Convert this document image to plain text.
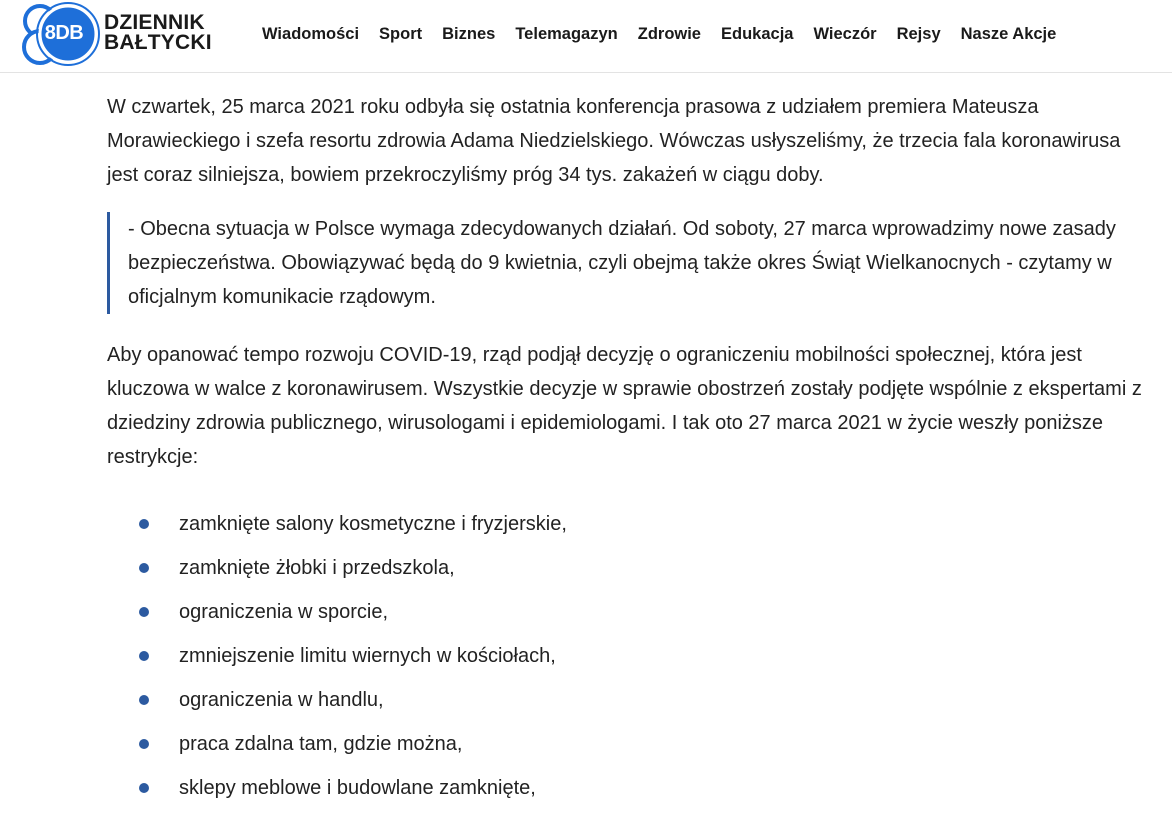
8DB DZIENNIK
BAŁTYCKI	Wiadomości	Sport	Biznes	Telemagazyn	Zdrowie	Edukacja	Wieczór	Rejsy	Nasze Akcje

W czwartek, 25 marca 2021 roku odbyła się ostatnia konferencja prasowa z udziałem premiera Mateusza Morawieckiego i szefa resortu zdrowia Adama Niedzielskiego. Wówczas usłyszeliśmy, że trzecia fala koronawirusa jest coraz silniejsza, bowiem przekroczyliśmy próg 34 tys. zakażeń w ciągu doby.

- Obecna sytuacja w Polsce wymaga zdecydowanych działań. Od soboty, 27 marca wprowadzimy nowe zasady bezpieczeństwa. Obowiązywać będą do 9 kwietnia, czyli obejmą także okres Świąt Wielkanocnych - czytamy w oficjalnym komunikacie rządowym.

Aby opanować tempo rozwoju COVID-19, rząd podjął decyzję o ograniczeniu mobilności społecznej, która jest kluczowa w walce z koronawirusem. Wszystkie decyzje w sprawie obostrzeń zostały podjęte wspólnie z ekspertami z dziedziny zdrowia publicznego, wirusologami i epidemiologami. I tak oto 27 marca 2021 w życie weszły poniższe restrykcje:

zamknięte salony kosmetyczne i fryzjerskie,
zamknięte żłobki i przedszkola,
ograniczenia w sporcie,
zmniejszenie limitu wiernych w kościołach,
ograniczenia w handlu,
praca zdalna tam, gdzie można,
sklepy meblowe i budowlane zamknięte,
